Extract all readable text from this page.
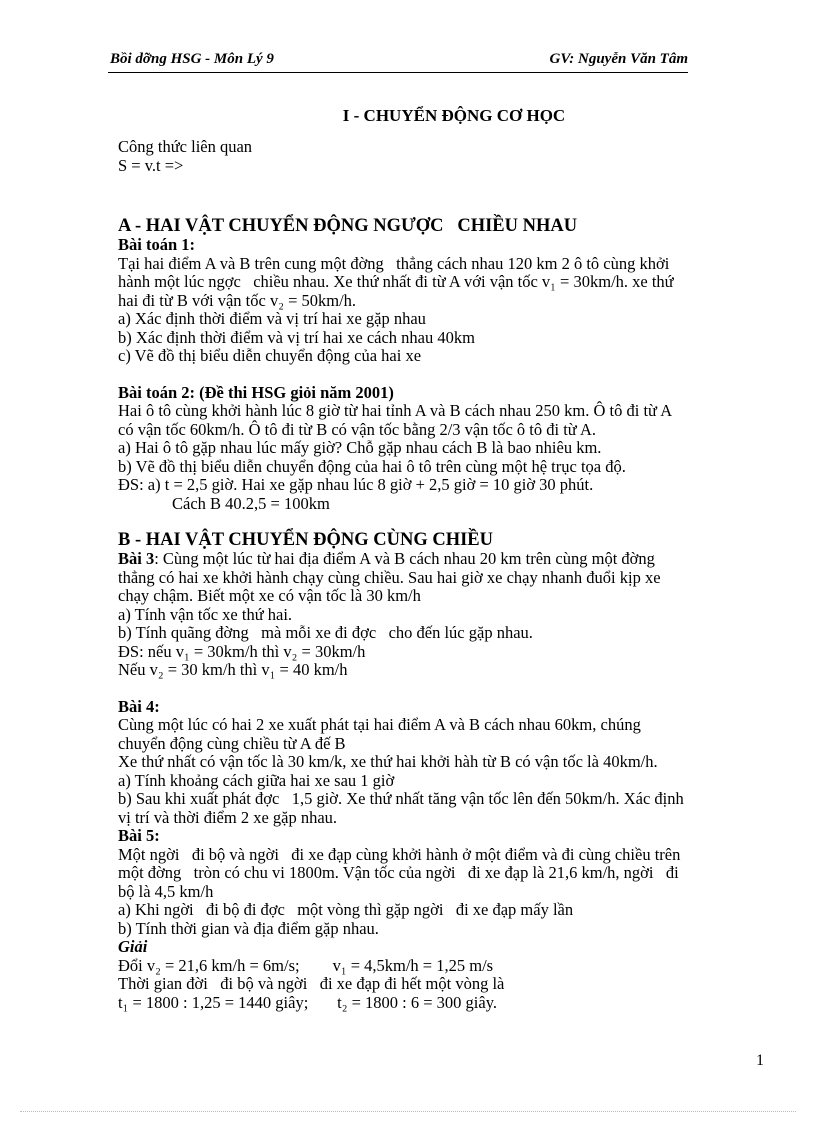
Bồi dỡng HSG - Môn Lý 9	GV: Nguyễn Văn Tâm
I - CHUYỂN ĐỘNG CƠ HỌC

Công thức liên quan

S = v.t =>

A - HAI VẬT CHUYỂN ĐỘNG NGƯỢC   CHIỀU NHAU

Bài toán 1:

Tại hai điểm A và B trên cung một đờng   thẳng cách nhau 120 km 2 ô tô cùng khởi

hành một lúc ngợc   chiều nhau. Xe thứ nhất đi từ A với vận tốc v₁ = 30km/h. xe thứ

hai đi từ B với vận tốc v₂ = 50km/h.

a) Xác định thời điểm và vị trí hai xe gặp nhau

b) Xác định thời điểm và vị trí hai xe cách nhau 40km

c) Vẽ đồ thị biểu diễn chuyển động của hai xe

Bài toán 2: (Đề thi HSG giỏi năm 2001)

Hai ô tô cùng khởi hành lúc 8 giờ từ hai tỉnh A và B cách nhau 250 km. Ô tô đi từ A

có vận tốc 60km/h. Ô tô đi từ B có vận tốc bằng 2/3 vận tốc ô tô đi từ A.

a) Hai ô tô gặp nhau lúc mấy giờ? Chỗ gặp nhau cách B là bao nhiêu km.

b) Vẽ đồ thị biểu diễn chuyển động của hai ô tô trên cùng một hệ trục tọa độ.

ĐS: a) t = 2,5 giờ. Hai xe gặp nhau lúc 8 giờ + 2,5 giờ = 10 giờ 30 phút.

Cách B 40.2,5 = 100km

B - HAI VẬT CHUYỂN ĐỘNG CÙNG CHIỀU

Bài 3: Cùng một lúc từ hai địa điểm A và B cách nhau 20 km trên cùng một đờng

thẳng có hai xe khởi hành chạy cùng chiều. Sau hai giờ xe chạy nhanh đuổi kịp xe

chạy chậm. Biết một xe có vận tốc là 30 km/h

a) Tính vận tốc xe thứ hai.

b) Tính quãng đờng   mà mỗi xe đi đợc   cho đến lúc gặp nhau.

ĐS: nếu v₁ = 30km/h thì v₂ = 30km/h

Nếu v₂ = 30 km/h thì v₁ = 40 km/h

Bài 4:

Cùng một lúc có hai 2 xe xuất phát tại hai điểm A và B cách nhau 60km, chúng

chuyển động cùng chiều từ A đế B

Xe thứ nhất có vận tốc là 30 km/k, xe thứ hai khởi hàh từ B có vận tốc là 40km/h.

a) Tính khoảng cách giữa hai xe sau 1 giờ

b) Sau khi xuất phát đợc   1,5 giờ. Xe thứ nhất tăng vận tốc lên đến 50km/h. Xác định

vị trí và thời điểm 2 xe gặp nhau.

Bài 5:

Một ngời   đi bộ và ngời   đi xe đạp cùng khởi hành ở một điểm và đi cùng chiều trên

một đờng   tròn có chu vi 1800m. Vận tốc của ngời   đi xe đạp là 21,6 km/h, ngời   đi

bộ là 4,5 km/h

a) Khi ngời   đi bộ đi đợc   một vòng thì gặp ngời   đi xe đạp mấy lần

b) Tính thời gian và địa điểm gặp nhau.

Giải

Đổi v₂ = 21,6 km/h = 6m/s;        v₁ = 4,5km/h = 1,25 m/s

Thời gian đời   đi bộ và ngời   đi xe đạp đi hết một vòng là

t₁ = 1800 : 1,25 = 1440 giây;       t₂ = 1800 : 6 = 300 giây.

1
